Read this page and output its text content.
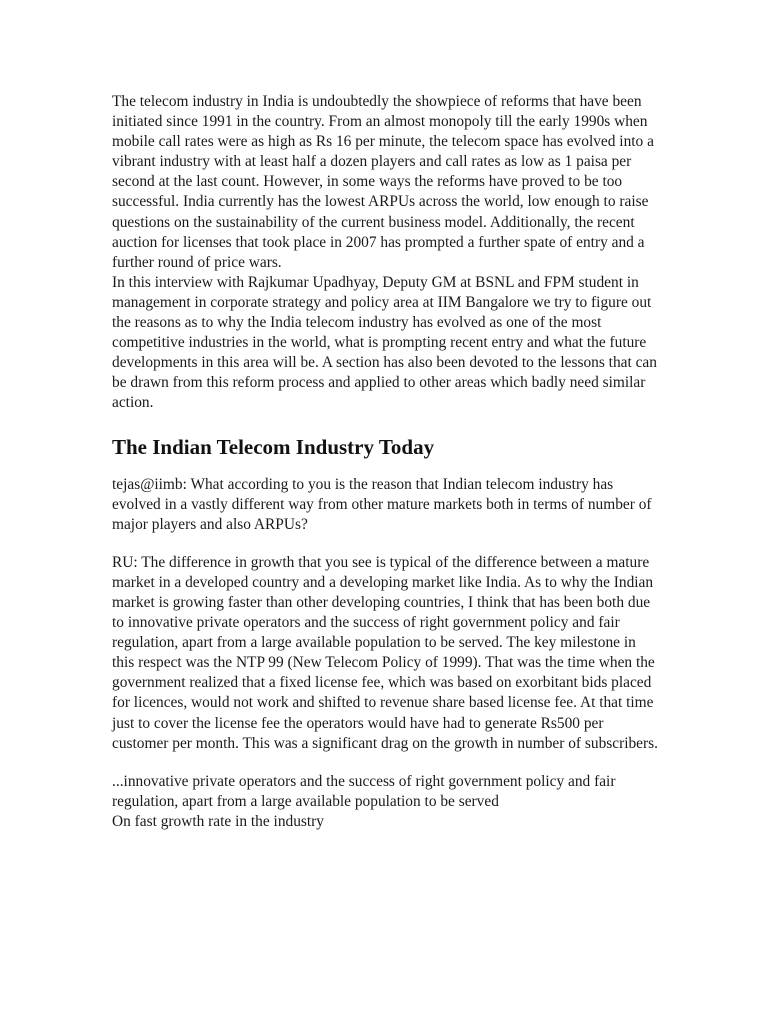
The telecom industry in India is undoubtedly the showpiece of reforms that have been initiated since 1991 in the country. From an almost monopoly till the early 1990s when mobile call rates were as high as Rs 16 per minute, the telecom space has evolved into a vibrant industry with at least half a dozen players and call rates as low as 1 paisa per second at the last count. However, in some ways the reforms have proved to be too successful. India currently has the lowest ARPUs across the world, low enough to raise questions on the sustainability of the current business model. Additionally, the recent auction for licenses that took place in 2007 has prompted a further spate of entry and a further round of price wars.

In this interview with Rajkumar Upadhyay, Deputy GM at BSNL and FPM student in management in corporate strategy and policy area at IIM Bangalore we try to figure out the reasons as to why the India telecom industry has evolved as one of the most competitive industries in the world, what is prompting recent entry and what the future developments in this area will be. A section has also been devoted to the lessons that can be drawn from this reform process and applied to other areas which badly need similar action.

The Indian Telecom Industry Today

tejas@iimb: What according to you is the reason that Indian telecom industry has evolved in a vastly different way from other mature markets both in terms of number of major players and also ARPUs?

RU: The difference in growth that you see is typical of the difference between a mature market in a developed country and a developing market like India. As to why the Indian market is growing faster than other developing countries, I think that has been both due to innovative private operators and the success of right government policy and fair regulation, apart from a large available population to be served. The key milestone in this respect was the NTP 99 (New Telecom Policy of 1999). That was the time when the government realized that a fixed license fee, which was based on exorbitant bids placed for licences, would not work and shifted to revenue share based license fee. At that time just to cover the license fee the operators would have had to generate Rs500 per customer per month. This was a significant drag on the growth in number of subscribers.

...innovative private operators and the success of right government policy and fair regulation, apart from a large available population to be served

On fast growth rate in the industry
